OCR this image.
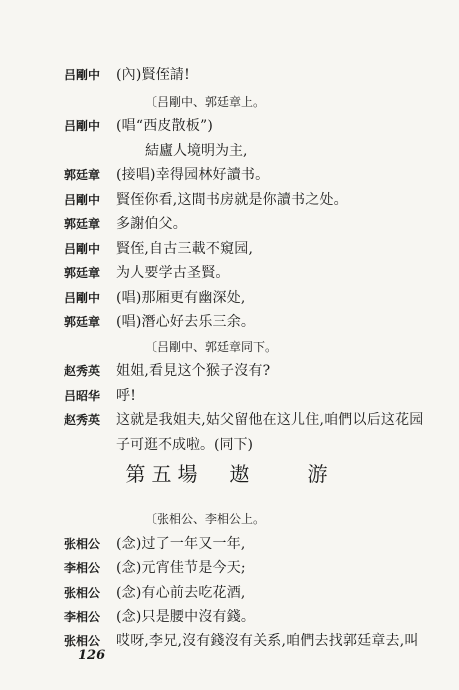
吕剛中	(內)賢侄請!
〔吕剛中、郭廷章上。
吕剛中	(唱“西皮散板”)
結廬人境明为主,
郭廷章	(接唱)幸得园林好讀书。
吕剛中	賢侄你看,这間书房就是你讀书之处。
郭廷章	多謝伯父。
吕剛中	賢侄,自古三載不窺园,
郭廷章	为人要学古圣賢。
吕剛中	(唱)那厢更有幽深处,
郭廷章	(唱)潛心好去乐三余。
〔吕剛中、郭廷章同下。
赵秀英	姐姐,看見这个猴子沒有?
吕昭华	呼!
赵秀英	这就是我姐夫,姑父留他在这儿住,咱們以后这花园
子可逛不成啦。(同下)
第五場　遨　　游
〔张相公、李相公上。
张相公	(念)过了一年又一年,
李相公	(念)元宵佳节是今天;
张相公	(念)有心前去吃花酒,
李相公	(念)只是腰中沒有錢。
张相公	哎呀,李兄,沒有錢沒有关系,咱們去找郭廷章去,叫
126
